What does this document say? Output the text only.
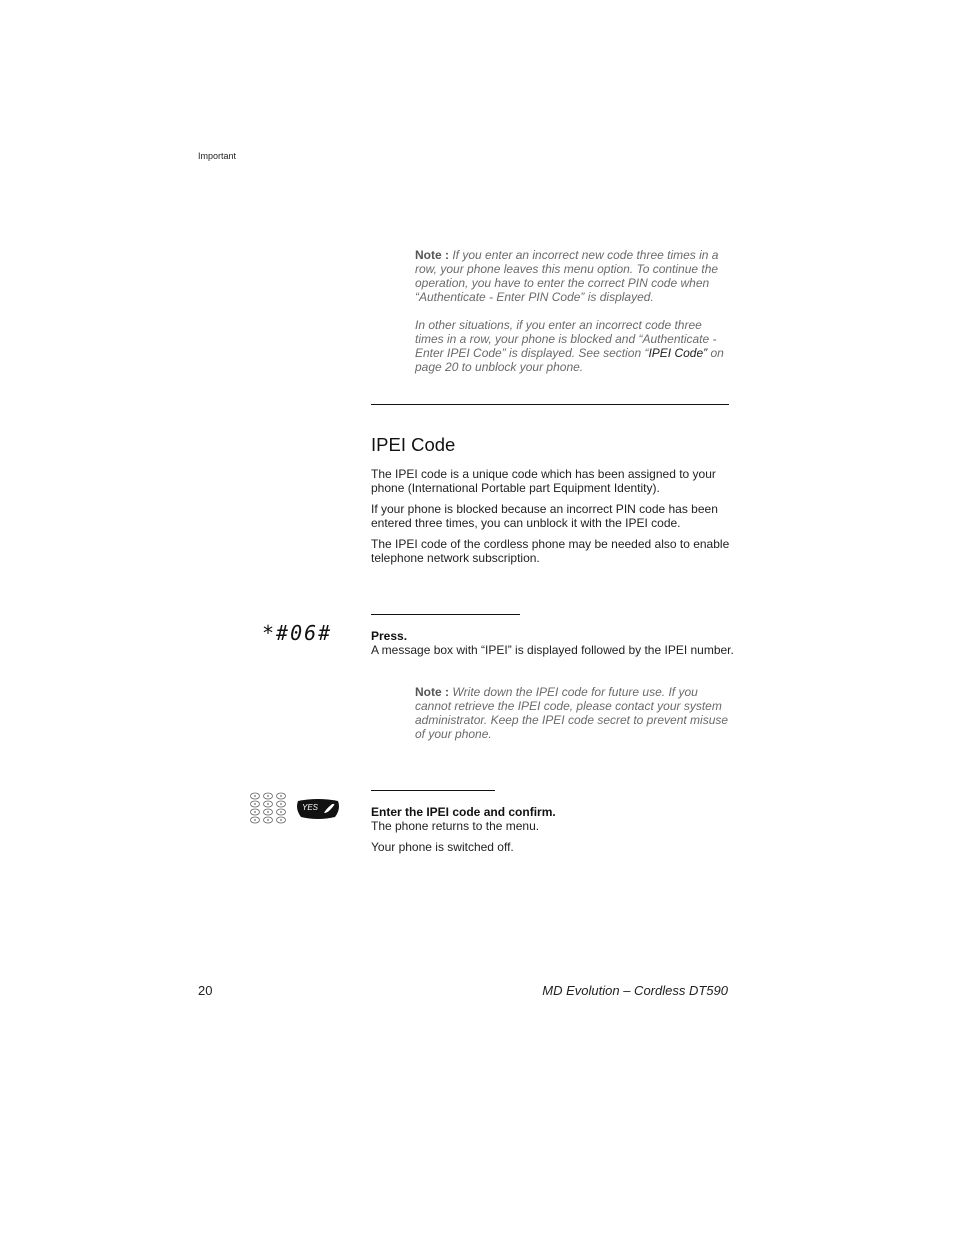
Important
Note : If you enter an incorrect new code three times in a row, your phone leaves this menu option. To continue the operation, you have to enter the correct PIN code when “Authenticate - Enter PIN Code” is displayed.
In other situations, if you enter an incorrect code three times in a row, your phone is blocked and “Authenticate - Enter IPEI Code” is displayed. See section “IPEI Code” on page 20 to unblock your phone.
IPEI Code
The IPEI code is a unique code which has been assigned to your phone (International Portable part Equipment Identity).
If your phone is blocked because an incorrect PIN code has been entered three times, you can unblock it with the IPEI code.
The IPEI code of the cordless phone may be needed also to enable telephone network subscription.
*#06#	Press.
A message box with “IPEI” is displayed followed by the IPEI number.
Note : Write down the IPEI code for future use. If you cannot retrieve the IPEI code, please contact your system administrator. Keep the IPEI code secret to prevent misuse of your phone.
YES	Enter the IPEI code and confirm.
The phone returns to the menu.
Your phone is switched off.
20	MD Evolution – Cordless DT590
